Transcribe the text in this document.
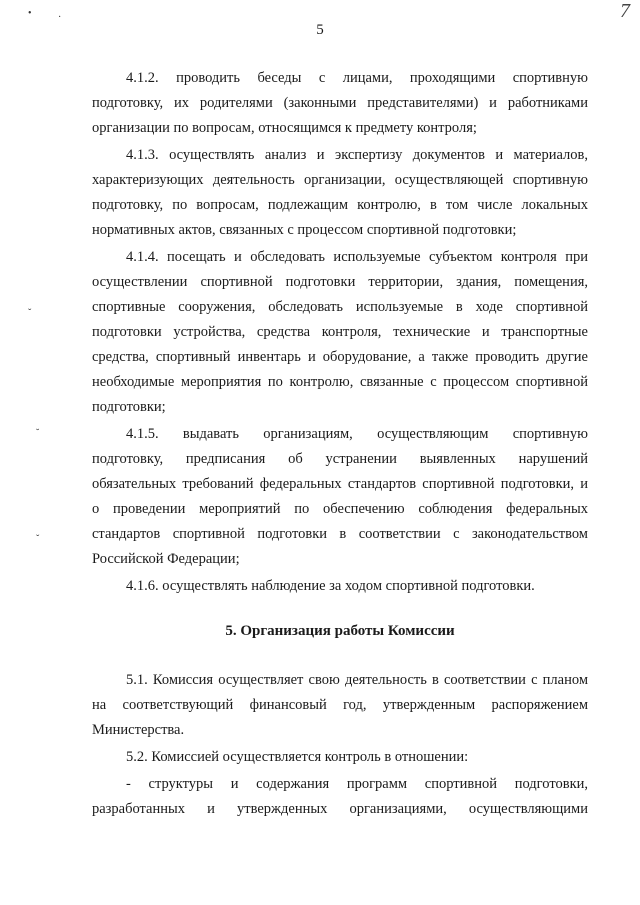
5
7
•	·
ˇ
˘
ˇ
4.1.2. проводить беседы с лицами, проходящими спортивную
подготовку, их родителями (законными представителями) и работниками
организации по вопросам, относящимся к предмету контроля;
4.1.3. осуществлять анализ и экспертизу документов и материалов,
характеризующих деятельность организации, осуществляющей спортивную
подготовку, по вопросам, подлежащим контролю, в том числе локальных
нормативных актов, связанных с процессом спортивной подготовки;
4.1.4. посещать и обследовать используемые субъектом контроля при
осуществлении спортивной подготовки территории, здания, помещения,
спортивные сооружения, обследовать используемые в ходе спортивной
подготовки устройства, средства контроля, технические и транспортные
средства, спортивный инвентарь и оборудование, а также проводить другие
необходимые мероприятия по контролю, связанные с процессом спортивной
подготовки;
4.1.5. выдавать организациям, осуществляющим спортивную
подготовку, предписания об устранении выявленных нарушений
обязательных требований федеральных стандартов спортивной подготовки, и
о проведении мероприятий по обеспечению соблюдения федеральных
стандартов спортивной подготовки в соответствии с законодательством
Российской Федерации;
4.1.6. осуществлять наблюдение за ходом спортивной подготовки.
5. Организация работы Комиссии
5.1. Комиссия осуществляет свою деятельность в соответствии с планом
на соответствующий финансовый год, утвержденным распоряжением
Министерства.
5.2. Комиссией осуществляется контроль в отношении:
- структуры и содержания программ спортивной подготовки,
разработанных и утвержденных организациями, осуществляющими
